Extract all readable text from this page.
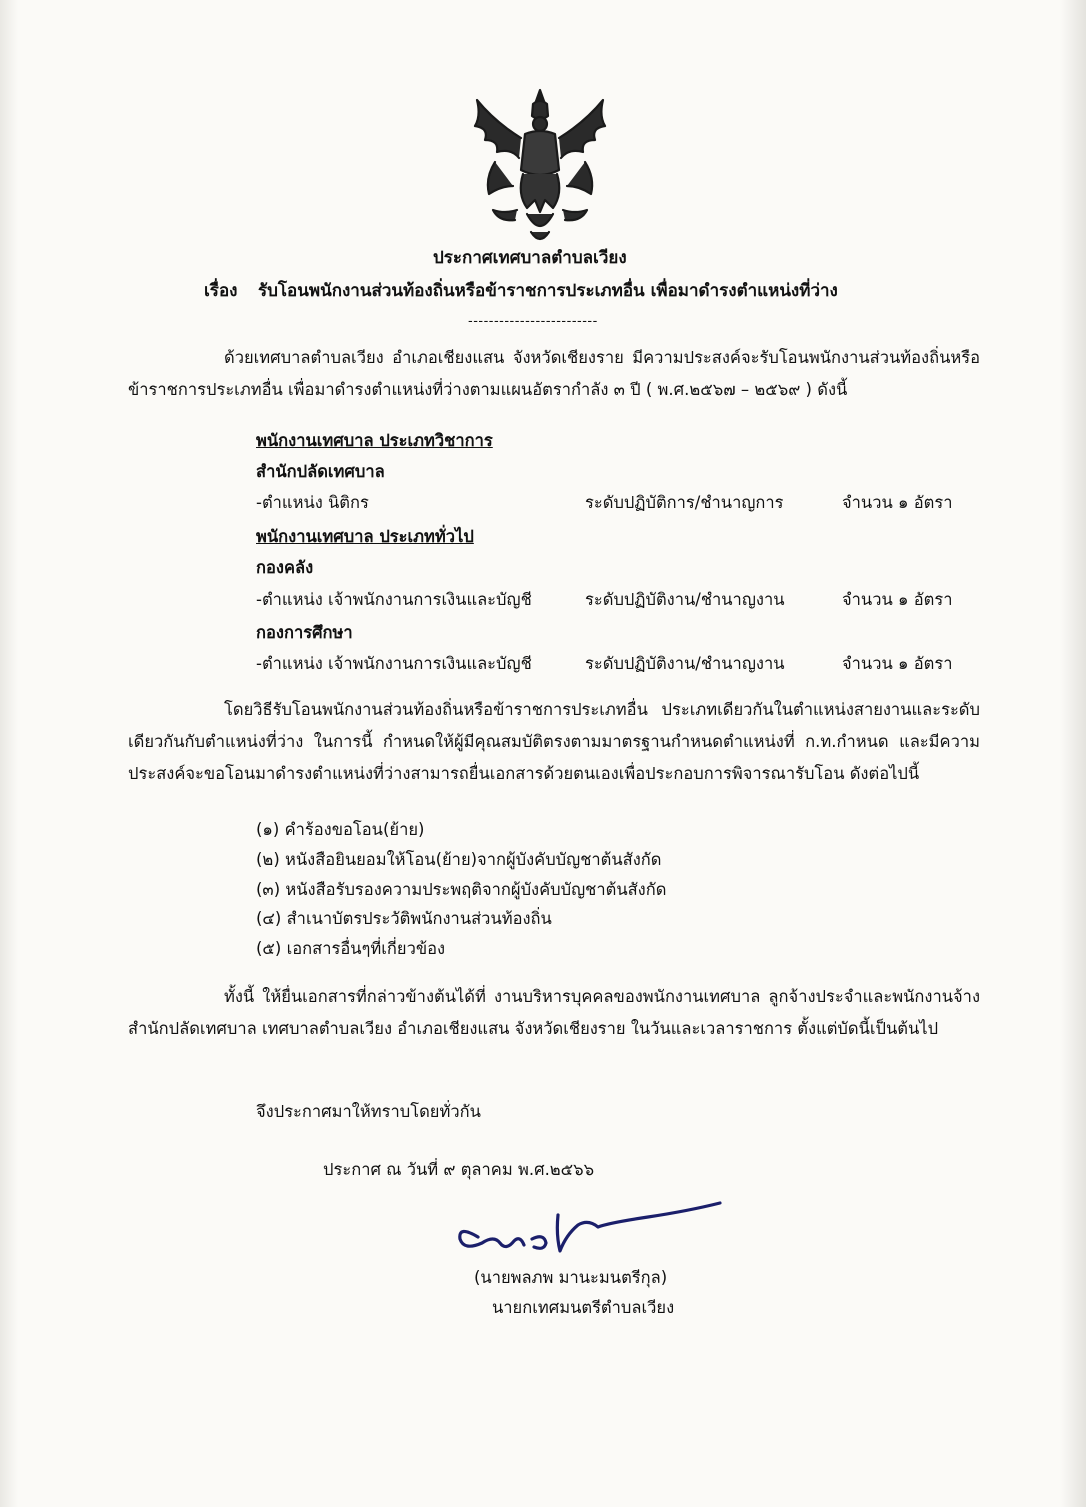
ประกาศเทศบาลตำบลเวียง
เรื่อง รับโอนพนักงานส่วนท้องถิ่นหรือข้าราชการประเภทอื่น เพื่อมาดำรงตำแหน่งที่ว่าง
-------------------------
ด้วยเทศบาลตำบลเวียง อำเภอเชียงแสน จังหวัดเชียงราย มีความประสงค์จะรับโอนพนักงานส่วนท้องถิ่นหรือข้าราชการประเภทอื่น เพื่อมาดำรงตำแหน่งที่ว่างตามแผนอัตรากำลัง ๓ ปี ( พ.ศ.๒๕๖๗ – ๒๕๖๙ ) ดังนี้
พนักงานเทศบาล ประเภทวิชาการ
สำนักปลัดเทศบาล
-ตำแหน่ง นิติกร	ระดับปฏิบัติการ/ชำนาญการ	จำนวน ๑ อัตรา
พนักงานเทศบาล ประเภททั่วไป
กองคลัง
-ตำแหน่ง เจ้าพนักงานการเงินและบัญชี	ระดับปฏิบัติงาน/ชำนาญงาน	จำนวน ๑ อัตรา
กองการศึกษา
-ตำแหน่ง เจ้าพนักงานการเงินและบัญชี	ระดับปฏิบัติงาน/ชำนาญงาน	จำนวน ๑ อัตรา
โดยวิธีรับโอนพนักงานส่วนท้องถิ่นหรือข้าราชการประเภทอื่น ประเภทเดียวกันในตำแหน่งสายงานและระดับเดียวกันกับตำแหน่งที่ว่าง ในการนี้ กำหนดให้ผู้มีคุณสมบัติตรงตามมาตรฐานกำหนดตำแหน่งที่ ก.ท.กำหนด และมีความประสงค์จะขอโอนมาดำรงตำแหน่งที่ว่างสามารถยื่นเอกสารด้วยตนเองเพื่อประกอบการพิจารณารับโอน ดังต่อไปนี้
(๑) คำร้องขอโอน(ย้าย)
(๒) หนังสือยินยอมให้โอน(ย้าย)จากผู้บังคับบัญชาต้นสังกัด
(๓) หนังสือรับรองความประพฤติจากผู้บังคับบัญชาต้นสังกัด
(๔) สำเนาบัตรประวัติพนักงานส่วนท้องถิ่น
(๕) เอกสารอื่นๆที่เกี่ยวข้อง
ทั้งนี้ ให้ยื่นเอกสารที่กล่าวข้างต้นได้ที่ งานบริหารบุคคลของพนักงานเทศบาล ลูกจ้างประจำและพนักงานจ้าง สำนักปลัดเทศบาล เทศบาลตำบลเวียง อำเภอเชียงแสน จังหวัดเชียงราย ในวันและเวลาราชการ ตั้งแต่บัดนี้เป็นต้นไป
จึงประกาศมาให้ทราบโดยทั่วกัน
ประกาศ ณ วันที่ ๙ ตุลาคม พ.ศ.๒๕๖๖
(นายพลภพ มานะมนตรีกุล)
นายกเทศมนตรีตำบลเวียง
